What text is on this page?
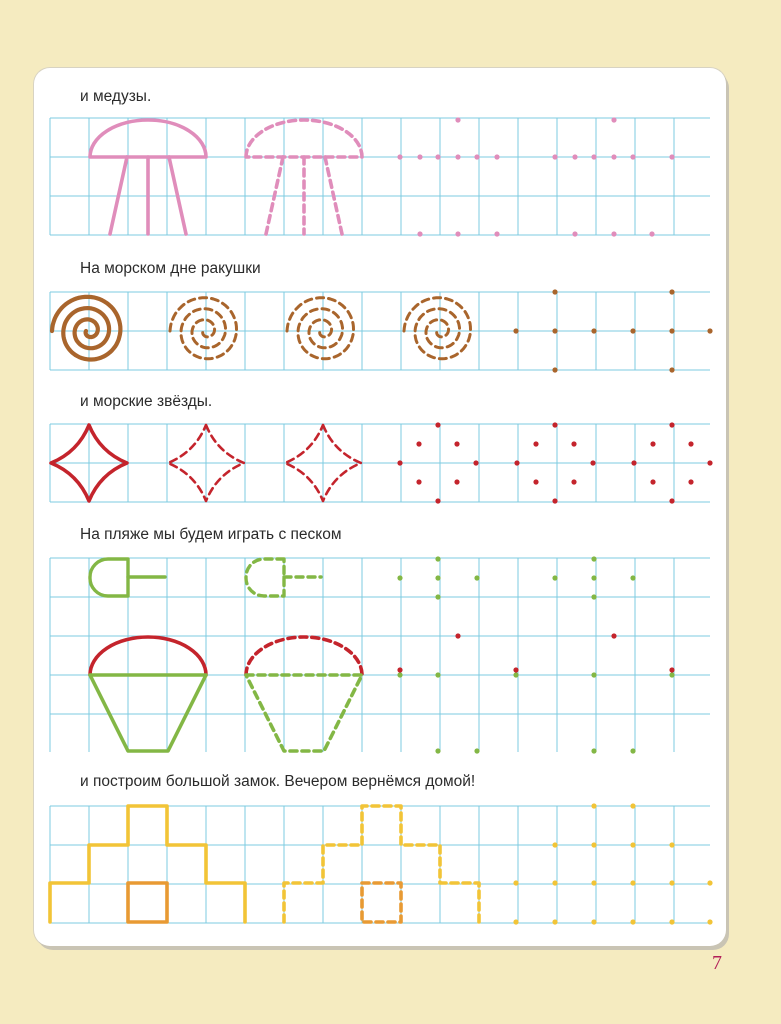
и медузы.
На морском дне ракушки
и морские звёзды.
На пляже мы будем играть с песком
и построим большой замок. Вечером вернёмся домой!
7
